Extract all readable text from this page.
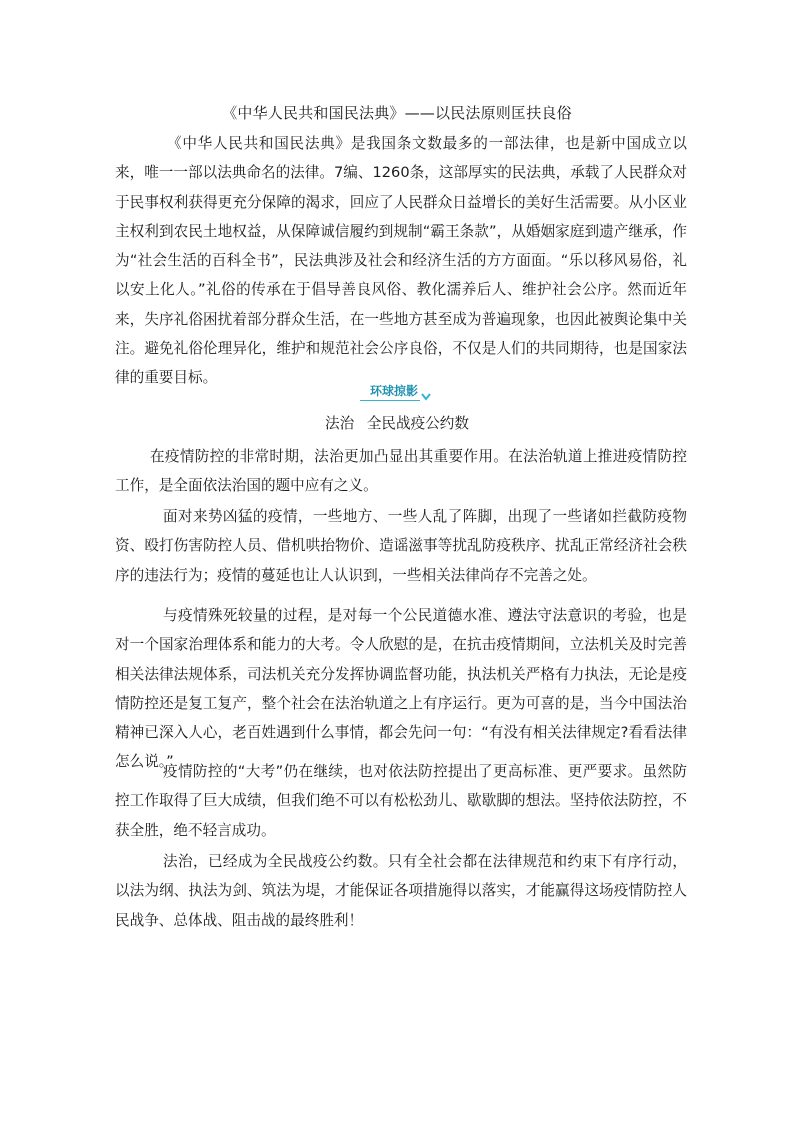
《中华人民共和国民法典》——以民法原则匡扶良俗

《中华人民共和国民法典》是我国条文数最多的一部法律，也是新中国成立以来，唯一一部以法典命名的法律。7编、1260条，这部厚实的民法典，承载了人民群众对于民事权利获得更充分保障的渴求，回应了人民群众日益增长的美好生活需要。从小区业主权利到农民土地权益，从保障诚信履约到规制“霸王条款”，从婚姻家庭到遗产继承，作为“社会生活的百科全书”，民法典涉及社会和经济生活的方方面面。“乐以移风易俗，礼以安上化人。”礼俗的传承在于倡导善良风俗、教化濡养后人、维护社会公序。然而近年来，失序礼俗困扰着部分群众生活，在一些地方甚至成为普遍现象，也因此被舆论集中关注。避免礼俗伦理异化，维护和规范社会公序良俗，不仅是人们的共同期待，也是国家法律的重要目标。

环球掠影
法治 全民战疫公约数

在疫情防控的非常时期，法治更加凸显出其重要作用。在法治轨道上推进疫情防控工作，是全面依法治国的题中应有之义。

面对来势凶猛的疫情，一些地方、一些人乱了阵脚，出现了一些诸如拦截防疫物资、殴打伤害防控人员、借机哄抬物价、造谣滋事等扰乱防疫秩序、扰乱正常经济社会秩序的违法行为；疫情的蔓延也让人认识到，一些相关法律尚存不完善之处。

与疫情殊死较量的过程，是对每一个公民道德水准、遵法守法意识的考验，也是对一个国家治理体系和能力的大考。令人欣慰的是，在抗击疫情期间，立法机关及时完善相关法律法规体系，司法机关充分发挥协调监督功能，执法机关严格有力执法，无论是疫情防控还是复工复产，整个社会在法治轨道之上有序运行。更为可喜的是，当今中国法治精神已深入人心，老百姓遇到什么事情，都会先问一句：“有没有相关法律规定?看看法律怎么说。”

疫情防控的“大考”仍在继续，也对依法防控提出了更高标准、更严要求。虽然防控工作取得了巨大成绩，但我们绝不可以有松松劲儿、歇歇脚的想法。坚持依法防控，不获全胜，绝不轻言成功。

法治，已经成为全民战疫公约数。只有全社会都在法律规范和约束下有序行动，以法为纲、执法为剑、筑法为堤，才能保证各项措施得以落实，才能赢得这场疫情防控人民战争、总体战、阻击战的最终胜利！
